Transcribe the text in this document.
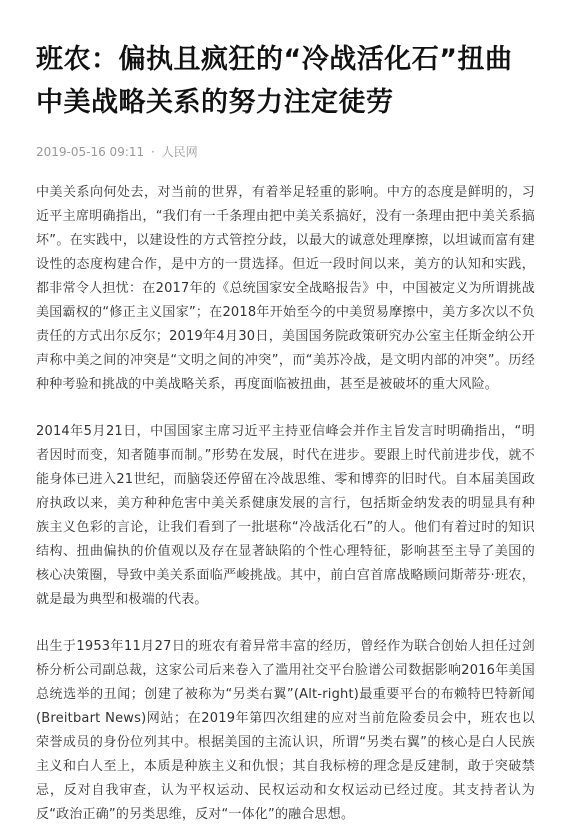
班农：偏执且疯狂的“冷战活化石”扭曲中美战略关系的努力注定徒劳
2019-05-16 09:11 · 人民网

中美关系向何处去，对当前的世界，有着举足轻重的影响。中方的态度是鲜明的，习近平主席明确指出，“我们有一千条理由把中美关系搞好，没有一条理由把中美关系搞坏”。在实践中，以建设性的方式管控分歧，以最大的诚意处理摩擦，以坦诚而富有建设性的态度构建合作，是中方的一贯选择。但近一段时间以来，美方的认知和实践，都非常令人担忧：在2017年的《总统国家安全战略报告》中，中国被定义为所谓挑战美国霸权的“修正主义国家”；在2018年开始至今的中美贸易摩擦中，美方多次以不负责任的方式出尔反尔；2019年4月30日，美国国务院政策研究办公室主任斯金纳公开声称中美之间的冲突是“文明之间的冲突”，而“美苏冷战，是文明内部的冲突”。历经种种考验和挑战的中美战略关系，再度面临被扭曲，甚至是被破坏的重大风险。

2014年5月21日，中国国家主席习近平主持亚信峰会并作主旨发言时明确指出，“明者因时而变，知者随事而制。”形势在发展，时代在进步。要跟上时代前进步伐，就不能身体已进入21世纪，而脑袋还停留在冷战思维、零和博弈的旧时代。自本届美国政府执政以来，美方种种危害中美关系健康发展的言行，包括斯金纳发表的明显具有种族主义色彩的言论，让我们看到了一批堪称“冷战活化石”的人。他们有着过时的知识结构、扭曲偏执的价值观以及存在显著缺陷的个性心理特征，影响甚至主导了美国的核心决策圈，导致中美关系面临严峻挑战。其中，前白宫首席战略顾问斯蒂芬·班农，就是最为典型和极端的代表。

出生于1953年11月27日的班农有着异常丰富的经历，曾经作为联合创始人担任过剑桥分析公司副总裁，这家公司后来卷入了滥用社交平台脸谱公司数据影响2016年美国总统选举的丑闻；创建了被称为“另类右翼”(Alt-right)最重要平台的布赖特巴特新闻(Breitbart News)网站；在2019年第四次组建的应对当前危险委员会中，班农也以荣誉成员的身份位列其中。根据美国的主流认识，所谓“另类右翼”的核心是白人民族主义和白人至上，本质是种族主义和仇恨；其自我标榜的理念是反建制，敢于突破禁忌，反对自我审查，认为平权运动、民权运动和女权运动已经过度。其支持者认为反“政治正确”的另类思维，反对“一体化”的融合思想。
